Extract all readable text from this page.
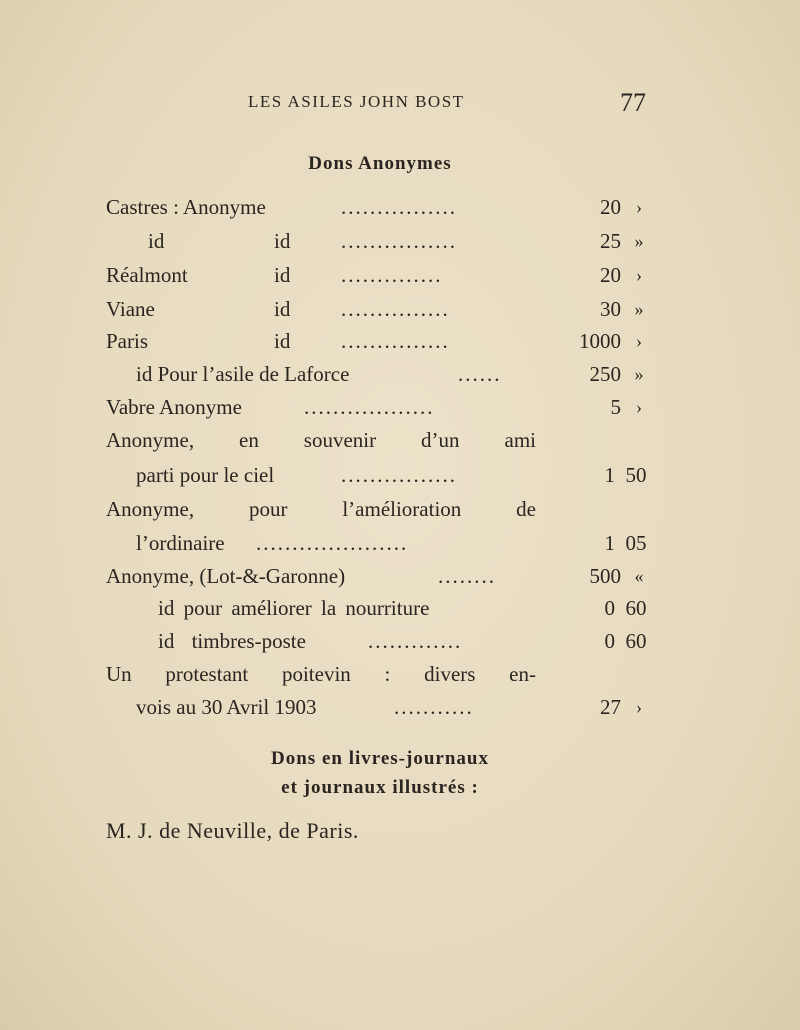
LES ASILES JOHN BOST	77
Dons Anonymes
Castres : Anonyme	................	20 ›
id	id ................	25 »
Réalmont	id ..............	20 ›
Viane	id ...............	30 »
Paris	id ...............	1000 ›
id Pour l’asile de Laforce	......	250 »
Vabre Anonyme	..................	5 ›
Anonyme, en souvenir d’un ami
parti pour le ciel	................	1 50
Anonyme, pour l’amélioration de
l’ordinaire .....................	1 05
Anonyme, (Lot-&-Garonne)	........	500 «
id pour améliorer la nourriture	0 60
id timbres-poste	.............	0 60
Un protestant poitevin : divers en-
vois au 30 Avril 1903	...........	27 ›
Dons en livres-journaux
et journaux illustrés :
M. J. de Neuville, de Paris.
